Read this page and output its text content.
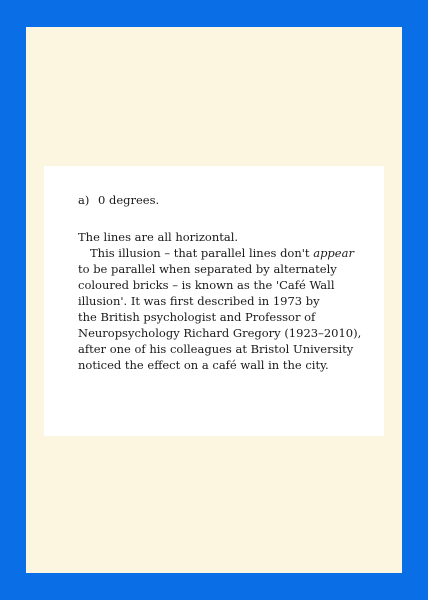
a) 0 degrees.

The lines are all horizontal.

This illusion – that parallel lines don't appear
to be parallel when separated by alternately
coloured bricks – is known as the 'Café Wall
illusion'. It was first described in 1973 by
the British psychologist and Professor of
Neuropsychology Richard Gregory (1923–2010),
after one of his colleagues at Bristol University
noticed the effect on a café wall in the city.
